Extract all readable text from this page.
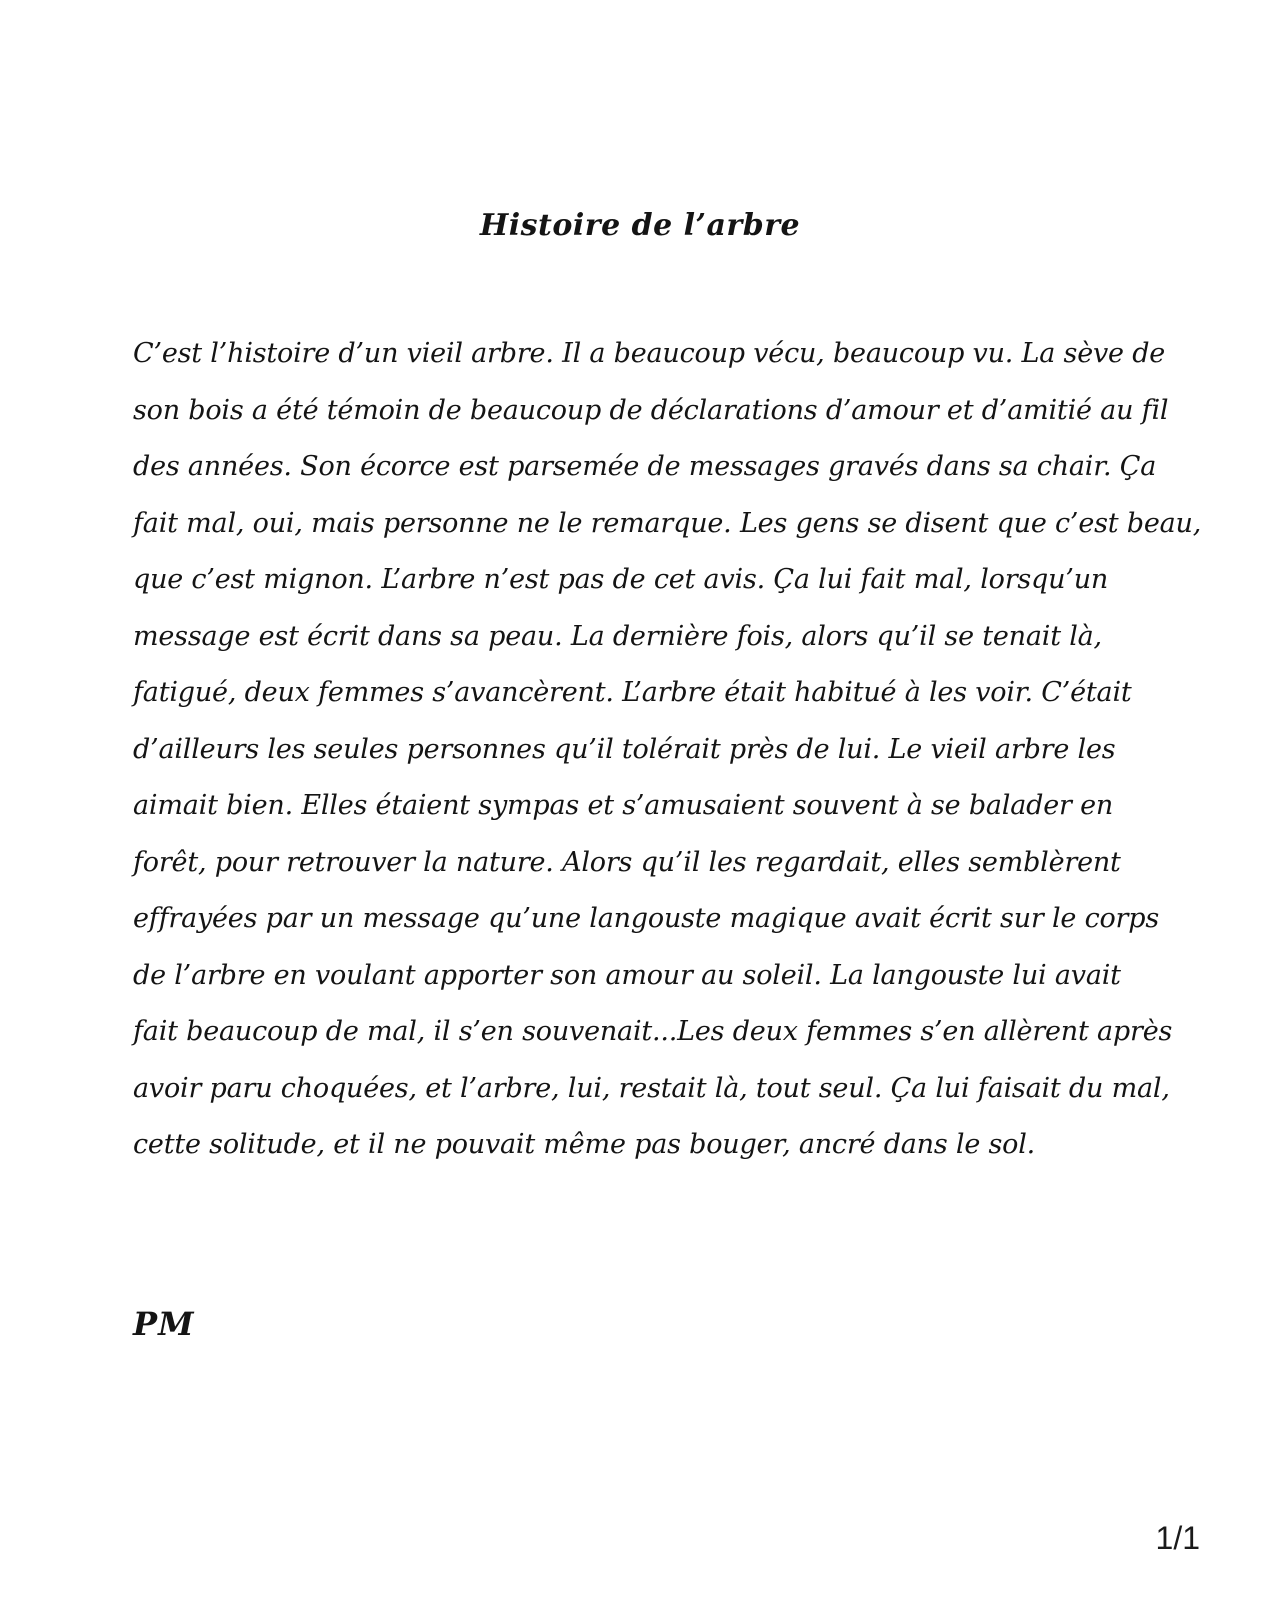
Histoire de l’arbre
C’est l’histoire d’un vieil arbre. Il a beaucoup vécu, beaucoup vu. La sève de
son bois a été témoin de beaucoup de déclarations d’amour et d’amitié au fil
des années. Son écorce est parsemée de messages gravés dans sa chair. Ça
fait mal, oui, mais personne ne le remarque. Les gens se disent que c’est beau,
que c’est mignon. L’arbre n’est pas de cet avis. Ça lui fait mal, lorsqu’un
message est écrit dans sa peau. La dernière fois, alors qu’il se tenait là,
fatigué, deux femmes s’avancèrent. L’arbre était habitué à les voir. C’était
d’ailleurs les seules personnes qu’il tolérait près de lui. Le vieil arbre les
aimait bien. Elles étaient sympas et s’amusaient souvent à se balader en
forêt, pour retrouver la nature. Alors qu’il les regardait, elles semblèrent
effrayées par un message qu’une langouste magique avait écrit sur le corps
de l’arbre en voulant apporter son amour au soleil. La langouste lui avait
fait beaucoup de mal, il s’en souvenait...Les deux femmes s’en allèrent après
avoir paru choquées, et l’arbre, lui, restait là, tout seul. Ça lui faisait du mal,
cette solitude, et il ne pouvait même pas bouger, ancré dans le sol.
PM
1/1
